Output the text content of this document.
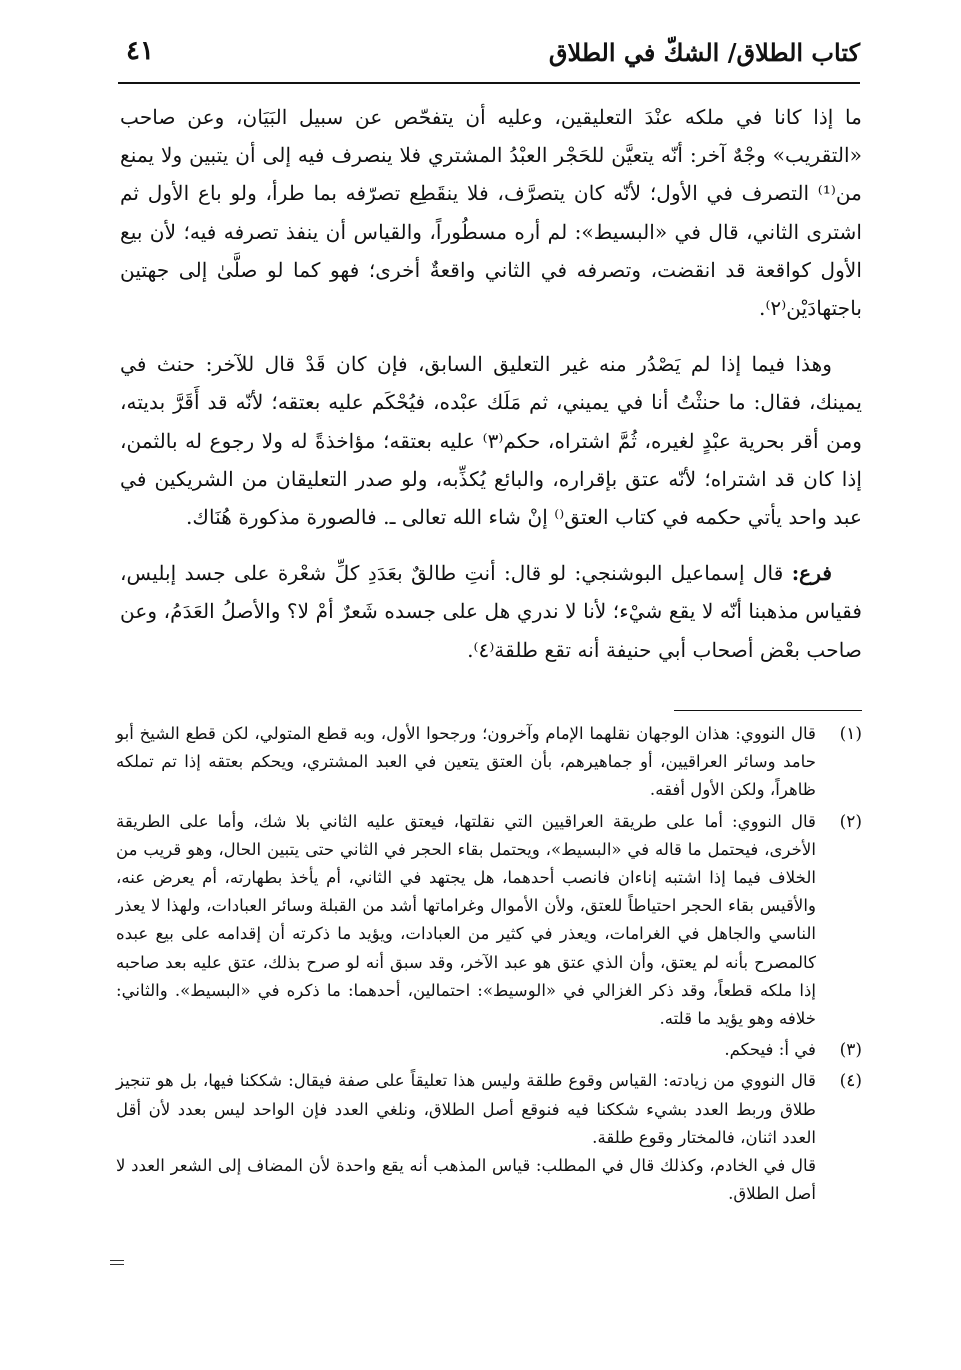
كتاب الطلاق/ الشكّ في الطلاق
٤١

ما إذا كانا في ملكه عنْدَ التعليقين، وعليه أن يتفحّص عن سبيل البَيَان، وعن صاحب «التقريب» وجْهٌ آخر: أنّه يتعيَّن للحَجْر العبْدُ المشتري فلا ينصرف فيه إلى أن يتبين ولا يمنع من⁽¹⁾ التصرف في الأول؛ لأنّه كان يتصرَّف، فلا ينقَطِع تصرّفه بما طرأ، ولو باع الأول ثم اشترى الثاني، قال في «البسيط»: لم أره مسطُوراً، والقياس أن ينفذ تصرفه فيه؛ لأن بيع الأول كواقعة قد انقضت، وتصرفه في الثاني واقعةٌ أخرى؛ فهو كما لو صلَّىٰ إلى جهتين باجتهادَيْن⁽٢⁾.

وهذا فيما إذا لم يَصْدُر منه غير التعليق السابق، فإن كان قَدْ قال للآخر: حنث في يمينك، فقال: ما حنثْتُ أنا في يميني، ثم مَلَك عبْده، فيُحْكَم عليه بعتقه؛ لأنّه قد أَقَرَّ بديته، ومن أقر بحرية عبْدٍ لغيره، ثُمَّ اشتراه، حكم⁽٣⁾ عليه بعتقه؛ مؤاخذةً له ولا رجوع له بالثمن، إذا كان قد اشتراه؛ لأنّه عتق بإقراره، والبائع يُكذِّبه، ولو صدر التعليقان من الشريكين في عبد واحد يأتي حكمه في كتاب العتق⁽⁾ إنْ شاء الله تعالى ـ. فالصورة مذكورة هُنَاك.

فرع: قال إسماعيل البوشنجي: لو قال: أنتِ طالقٌ بعَدَدِ كلِّ شعْرة على جسد إبليس، فقياس مذهبنا أنّه لا يقع شيْء؛ لأنا لا ندري هل على جسده شَعرٌ أمْ لا؟ والأصلُ العَدَمُ، وعن صاحب بعْض أصحاب أبي حنيفة أنه تقع طلقة⁽٤⁾.

(١)
قال النووي: هذان الوجهان نقلهما الإمام وآخرون؛ ورجحوا الأول، وبه قطع المتولي، لكن قطع الشيخ أبو حامد وسائر العراقيين، أو جماهيرهم، بأن العتق يتعين في العبد المشتري، ويحكم بعتقه إذا تم تملكه ظاهراً، ولكن الأول أفقه.
(٢)
قال النووي: أما على طريقة العراقيين التي نقلتها، فيعتق عليه الثاني بلا شك، وأما على الطريقة الأخرى، فيحتمل ما قاله في «البسيط»، ويحتمل بقاء الحجر في الثاني حتى يتبين الحال، وهو قريب من الخلاف فيما إذا اشتبه إناءان فانصب أحدهما، هل يجتهد في الثاني، أم يأخذ بطهارته، أم يعرض عنه، والأقيس بقاء الحجر احتياطاً للعتق، ولأن الأموال وغراماتها أشد من القبلة وسائر العبادات، ولهذا لا يعذر الناسي والجاهل في الغرامات، ويعذر في كثير من العبادات، ويؤيد ما ذكرته أن إقدامه على بيع عبده كالمصرح بأنه لم يعتق، وأن الذي عتق هو عبد الآخر، وقد سبق أنه لو صرح بذلك، عتق عليه بعد صاحبه إذا ملكه قطعاً، وقد ذكر الغزالي في «الوسيط»: احتمالين، أحدهما: ما ذكره في «البسيط». والثاني: خلافه وهو يؤيد ما قلته.
(٣)
في أ: فيحكم.
(٤)
قال النووي من زيادته: القياس وقوع طلقة وليس هذا تعليقاً على صفة فيقال: شككنا فيها، بل هو تنجيز طلاق وربط العدد بشيء شككنا فيه فنوقع أصل الطلاق، ونلغي العدد فإن الواحد ليس بعدد لأن أقل العدد اثنان، فالمختار وقوع طلقة.
قال في الخادم، وكذلك قال في المطلب: قياس المذهب أنه يقع واحدة لأن المضاف إلى الشعر العدد لا أصل الطلاق.
